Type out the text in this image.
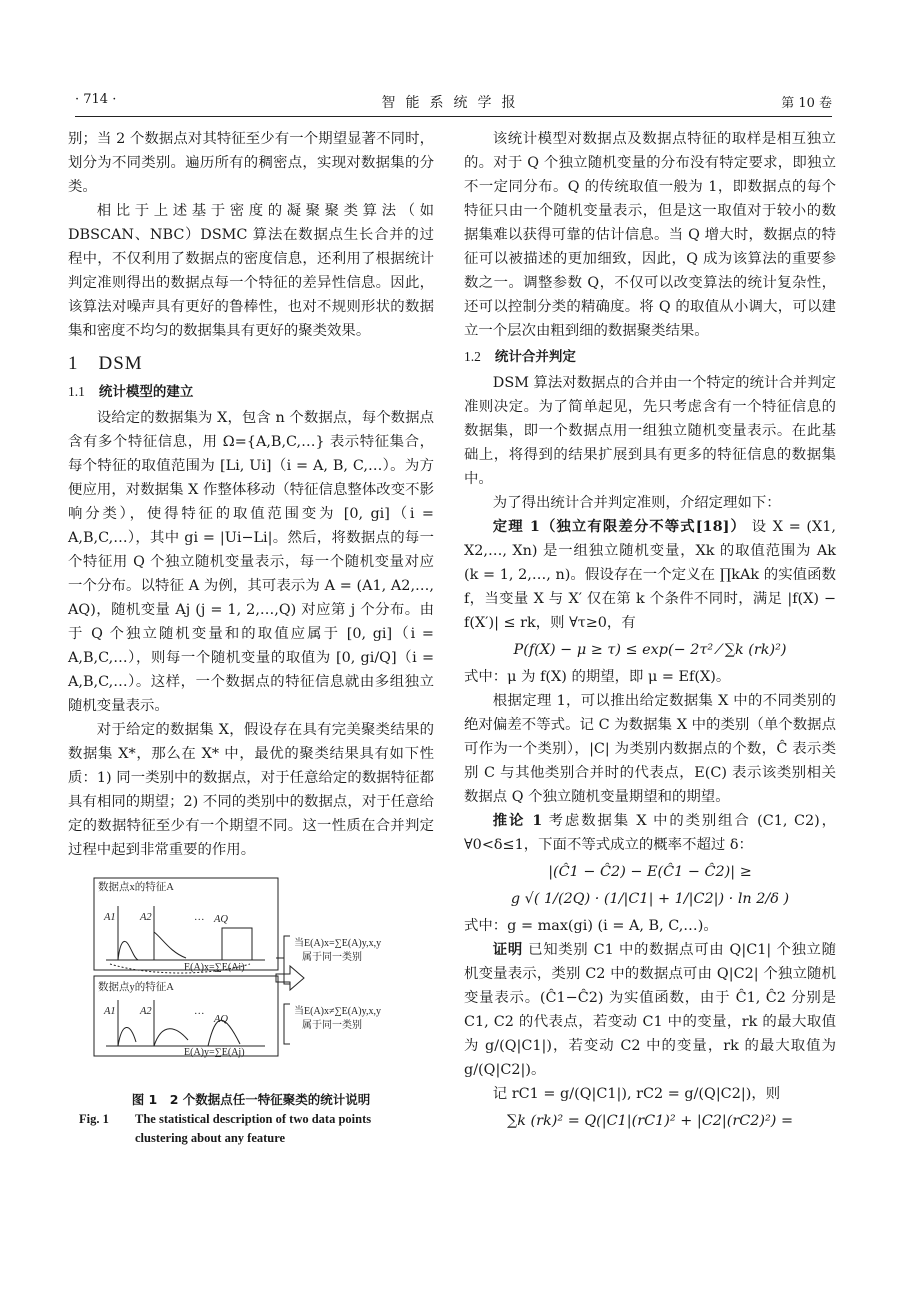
· 714 ·	智能系统学报	第 10 卷

别；当 2 个数据点对其特征至少有一个期望显著不同时，划分为不同类别。遍历所有的稠密点，实现对数据集的分类。

相比于上述基于密度的凝聚聚类算法（如 DBSCAN、NBC）DSMC 算法在数据点生长合并的过程中，不仅利用了数据点的密度信息，还利用了根据统计判定准则得出的数据点每一个特征的差异性信息。因此，该算法对噪声具有更好的鲁棒性，也对不规则形状的数据集和密度不均匀的数据集具有更好的聚类效果。

1　DSM

1.1 统计模型的建立

设给定的数据集为 X，包含 n 个数据点，每个数据点含有多个特征信息，用 Ω={A,B,C,…} 表示特征集合，每个特征的取值范围为 [Li, Ui]（i = A, B, C,…）。为方便应用，对数据集 X 作整体移动（特征信息整体改变不影响分类），使得特征的取值范围变为 [0, gi]（i = A,B,C,…），其中 gi = |Ui−Li|。然后，将数据点的每一个特征用 Q 个独立随机变量表示，每一个随机变量对应一个分布。以特征 A 为例，其可表示为 A = (A1, A2,…, AQ)，随机变量 Aj (j = 1, 2,…,Q) 对应第 j 个分布。由于 Q 个独立随机变量和的取值应属于 [0, gi]（i = A,B,C,…），则每一个随机变量的取值为 [0, gi/Q]（i = A,B,C,…）。这样，一个数据点的特征信息就由多组独立随机变量表示。

对于给定的数据集 X，假设存在具有完美聚类结果的数据集 X*，那么在 X* 中，最优的聚类结果具有如下性质：1) 同一类别中的数据点，对于任意给定的数据特征都具有相同的期望；2) 不同的类别中的数据点，对于任意给定的数据特征至少有一个期望不同。这一性质在合并判定过程中起到非常重要的作用。

数据点x的特征A
数据点y的特征A
A1 A2	… AQ
A1 A2	…
AQ
E(A)x=∑E(Ai)
E(A)y=∑E(Aj)
当E(A)x=∑E(A)y,x,y
属于同一类别
当E(A)x≠∑E(A)y,x,y
属于同一类别

图 1　2 个数据点任一特征聚类的统计说明

Fig. 1 The statistical description of two data points
clustering about any feature

该统计模型对数据点及数据点特征的取样是相互独立的。对于 Q 个独立随机变量的分布没有特定要求，即独立不一定同分布。Q 的传统取值一般为 1，即数据点的每个特征只由一个随机变量表示，但是这一取值对于较小的数据集难以获得可靠的估计信息。当 Q 增大时，数据点的特征可以被描述的更加细致，因此，Q 成为该算法的重要参数之一。调整参数 Q，不仅可以改变算法的统计复杂性，还可以控制分类的精确度。将 Q 的取值从小调大，可以建立一个层次由粗到细的数据聚类结果。

1.2 统计合并判定

DSM 算法对数据点的合并由一个特定的统计合并判定准则决定。为了简单起见，先只考虑含有一个特征信息的数据集，即一个数据点用一组独立随机变量表示。在此基础上，将得到的结果扩展到具有更多的特征信息的数据集中。

为了得出统计合并判定准则，介绍定理如下：

定理 1（独立有限差分不等式[18]） 设 X = (X1, X2,…, Xn) 是一组独立随机变量，Xk 的取值范围为 Ak (k = 1, 2,…, n)。假设存在一个定义在 ∏kAk 的实值函数 f，当变量 X 与 X′ 仅在第 k 个条件不同时，满足 |f(X) − f(X′)| ≤ rk，则 ∀τ≥0，有

P(f(X) − μ ≥ τ) ≤ exp(− 2τ² ⁄ ∑k (rk)²)

式中：μ 为 f(X) 的期望，即 μ = Ef(X)。

根据定理 1，可以推出给定数据集 X 中的不同类别的绝对偏差不等式。记 C 为数据集 X 中的类别（单个数据点可作为一个类别），|C| 为类别内数据点的个数，Ĉ 表示类别 C 与其他类别合并时的代表点，E(C) 表示该类别相关数据点 Q 个独立随机变量期望和的期望。

推论 1 考虑数据集 X 中的类别组合 (C1, C2)，∀0<δ≤1，下面不等式成立的概率不超过 δ：

|(Ĉ1 − Ĉ2) − E(Ĉ1 − Ĉ2)| ≥

g √( 1/(2Q) · (1/|C1| + 1/|C2|) · ln 2/δ )

式中：g = max(gi) (i = A, B, C,…)。

证明 已知类别 C1 中的数据点可由 Q|C1| 个独立随机变量表示，类别 C2 中的数据点可由 Q|C2| 个独立随机变量表示。(Ĉ1−Ĉ2) 为实值函数，由于 Ĉ1, Ĉ2 分别是 C1, C2 的代表点，若变动 C1 中的变量，rk 的最大取值为 g/(Q|C1|)，若变动 C2 中的变量，rk 的最大取值为 g/(Q|C2|)。

记 rC1 = g/(Q|C1|), rC2 = g/(Q|C2|)，则

∑k (rk)² = Q(|C1|(rC1)² + |C2|(rC2)²) =
